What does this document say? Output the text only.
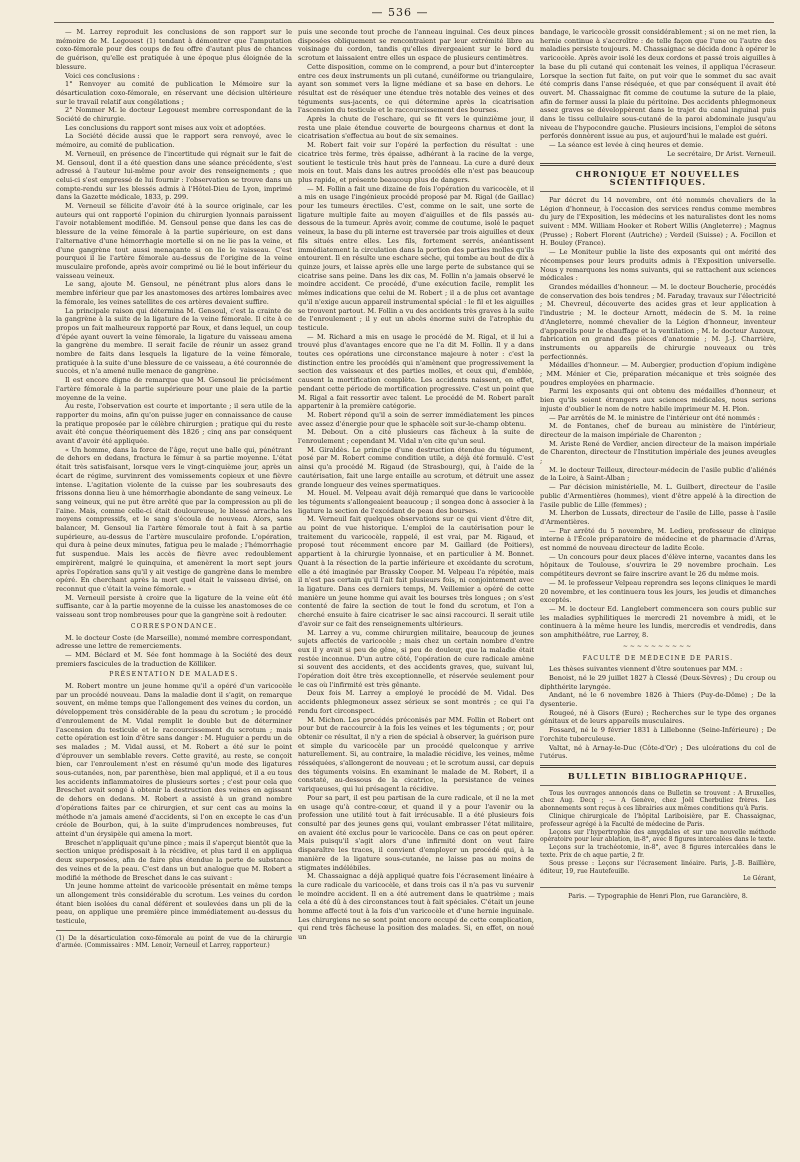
— 536 —

— M. Larrey reproduit les conclusions de son rapport sur le mémoire de M. Legouest (1) tendant à démontrer que l'amputation coxo-fémorale pour des coups de feu offre d'autant plus de chances de guérison, qu'elle est pratiquée à une époque plus éloignée de la blessure.

Voici ces conclusions :

1° Renvoyer au comité de publication le Mémoire sur la désarticulation coxo-fémorale, en réservant une décision ultérieure sur le travail relatif aux congélations ;

2° Nommer M. le docteur Legouest membre correspondant de la Société de chirurgie.

Les conclusions du rapport sont mises aux voix et adoptées.

La Société décide aussi que le rapport sera renvoyé, avec le mémoire, au comité de publication.

M. Verneuil, en présence de l'incertitude qui régnait sur le fait de M. Gensoul, dont il a été question dans une séance précédente, s'est adressé à l'auteur lui-même pour avoir des renseignements ; que celui-ci s'est empressé de lui fournir : l'observation se trouve dans un compte-rendu sur les blessés admis à l'Hôtel-Dieu de Lyon, imprimé dans la Gazette médicale, 1833, p. 299.

M. Verneuil se félicite d'avoir été à la source originale, car les auteurs qui ont rapporté l'opinion du chirurgien lyonnais paraissent l'avoir notablement modifiée. M. Gensoul pense que dans les cas de blessure de la veine fémorale à la partie supérieure, on est dans l'alternative d'une hémorrhagie mortelle si on ne lie pas la veine, et d'une gangrène tout aussi menaçante si on lie le vaisseau. C'est pourquoi il lie l'artère fémorale au-dessus de l'origine de la veine musculaire profonde, après avoir comprimé ou lié le bout inférieur du vaisseau veineux.

Le sang, ajoute M. Gensoul, ne pénétrant plus alors dans le membre inférieur que par les anastomoses des artères lombaires avec la fémorale, les veines satellites de ces artères devaient suffire.

La principale raison qui détermina M. Gensoul, c'est la crainte de la gangrène à la suite de la ligature de la veine fémorale. Il cite à ce propos un fait malheureux rapporté par Roux, et dans lequel, un coup d'épée ayant ouvert la veine fémorale, la ligature du vaisseau amena la gangrène du membre. Il serait facile de réunir un assez grand nombre de faits dans lesquels la ligature de la veine fémorale, pratiquée à la suite d'une blessure de ce vaisseau, a été couronnée de succès, et n'a amené nulle menace de gangrène.

Il est encore digne de remarque que M. Gensoul lie précisément l'artère fémorale à la partie supérieure pour une plaie de la partie moyenne de la veine.

Au reste, l'observation est courte et importante ; il sera utile de la rapporter du moins, afin qu'on puisse juger en connaissance de cause la pratique proposée par le célèbre chirurgien ; pratique qui du reste avait été conçue théoriquement dès 1826 ; cinq ans par conséquent avant d'avoir été appliquée.

« Un homme, dans la force de l'âge, reçut une balle qui, pénétrant de dehors en dedans, fractura le fémur à sa partie moyenne. L'état était très satisfaisant, lorsque vers le vingt-cinquième jour, après un écart de régime, survinrent des vomissements copieux et une fièvre intense. L'agitation violente de la cuisse par les soubresauts des frissons donna lieu à une hémorrhagie abondante de sang veineux. Le sang veineux, qui ne put être arrêté que par la compression au pli de l'aine. Mais, comme celle-ci était douloureuse, le blessé arracha les moyens compressifs, et le sang s'écoula de nouveau. Alors, sans balancer, M. Gensoul lia l'artère fémorale tout à fait à sa partie supérieure, au-dessus de l'artère musculaire profonde. L'opération, qui dura à peine deux minutes, fatigua peu le malade ; l'hémorrhagie fut suspendue. Mais les accès de fièvre avec redoublement empirèrent, malgré le quinquina, et amenèrent la mort sept jours après l'opération sans qu'il y ait vestige de gangrène dans le membre opéré. En cherchant après la mort quel était le vaisseau divisé, on reconnut que c'était la veine fémorale. »

M. Verneuil persiste à croire que la ligature de la veine eût été suffisante, car à la partie moyenne de la cuisse les anastomoses de ce vaisseau sont trop nombreuses pour que la gangrène soit à redouter.

CORRESPONDANCE.

M. le docteur Coste (de Marseille), nommé membre correspondant, adresse une lettre de remerciements.

— MM. Béclard et M. Sée font hommage à la Société des deux premiers fascicules de la traduction de Kölliker.

PRÉSENTATION DE MALADES.

M. Robert montre un jeune homme qu'il a opéré d'un varicocèle par un procédé nouveau. Dans la maladie dont il s'agit, on remarque souvent, en même temps que l'allongement des veines du cordon, un développement très considérable de la peau du scrotum ; le procédé d'enroulement de M. Vidal remplit le double but de déterminer l'ascension du testicule et le raccourcissement du scrotum ; mais cette opération est loin d'être sans danger : M. Huguier a perdu un de ses malades ; M. Vidal aussi, et M. Robert a été sur le point d'éprouver un semblable revers. Cette gravité, au reste, se conçoit bien, car l'enroulement n'est en résumé qu'un mode des ligatures sous-cutanées, non, par parenthèse, bien mal appliqué, et il a eu tous les accidents inflammatoires de plusieurs sortes ; c'est pour cela que Breschet avait songé à obtenir la destruction des veines en agissant de dehors en dedans. M. Robert a assisté à un grand nombre d'opérations faites par ce chirurgien, et sur cent cas au moins la méthode n'a jamais amené d'accidents, si l'on en excepte le cas d'un créole de Bourbon, qui, à la suite d'imprudences nombreuses, fut atteint d'un érysipèle qui amena la mort.

Breschet n'appliquait qu'une pince ; mais il s'aperçut bientôt que la section unique prédisposait à la récidive, et plus tard il en appliqua deux superposées, afin de faire plus étendue la perte de substance des veines et de la peau. C'est dans un but analogue que M. Robert a modifié la méthode de Breschet dans le cas suivant :

Un jeune homme atteint de varicocèle présentait en même temps un allongement très considérable du scrotum. Les veines du cordon étant bien isolées du canal déférent et soulevées dans un pli de la peau, on applique une première pince immédiatement au-dessus du testicule,

(1) De la désarticulation coxo-fémorale au point de vue de la chirurgie d'armée. (Commissaires : MM. Lenoir, Verneuil et Larrey, rapporteur.)

puis une seconde tout proche de l'anneau inguinal. Ces deux pinces disposées obliquement se rencontraient par leur extrémité libre au voisinage du cordon, tandis qu'elles divergeaient sur le bord du scrotum et laissaient entre elles un espace de plusieurs centimètres.

Cette disposition, comme on le comprend, a pour but d'intercepter entre ces deux instruments un pli cutané, cunéiforme ou triangulaire, ayant son sommet vers la ligne médiane et sa base en dehors. Le résultat est de réséquer une étendue très notable des veines et des téguments sus-jacents, ce qui détermine après la cicatrisation l'ascension du testicule et le raccourcissement des bourses.

Après la chute de l'eschare, qui se fit vers le quinzième jour, il resta une plaie étendue couverte de bourgeons charnus et dont la cicatrisation s'effectua au bout de six semaines.

M. Robert fait voir sur l'opéré la perfection du résultat : une cicatrice très ferme, très épaisse, adhérant à la racine de la verge, soutient le testicule très haut près de l'anneau. La cure a duré deux mois en tout. Mais dans les autres procédés elle n'est pas beaucoup plus rapide, et présente beaucoup plus de dangers.

— M. Follin a fait une dizaine de fois l'opération du varicocèle, et il a mis en usage l'ingénieux procédé proposé par M. Rigal (de Gaillac) pour les tumeurs érectiles. C'est, comme on le sait, une sorte de ligature multiple faite au moyen d'aiguilles et de fils passés au-dessous de la tumeur. Après avoir, comme de coutume, isolé le paquet veineux, la base du pli interne est traversée par trois aiguilles et deux fils situés entre elles. Les fils, fortement serrés, anéantissent immédiatement la circulation dans la portion des parties molles qu'ils entourent. Il en résulte une eschare sèche, qui tombe au bout de dix à quinze jours, et laisse après elle une large perte de substance qui se cicatrise sans peine. Dans les dix cas, M. Follin n'a jamais observé le moindre accident. Ce procédé, d'une exécution facile, remplit les mêmes indications que celui de M. Robert ; il a de plus cet avantage qu'il n'exige aucun appareil instrumental spécial : le fil et les aiguilles se trouvent partout. M. Follin a vu des accidents très graves à la suite de l'enroulement ; il y eut un abcès énorme suivi de l'atrophie du testicule.

— M. Richard a mis en usage le procédé de M. Rigal, et il lui a trouvé plus d'avantages encore que ne l'a dit M. Follin. Il y a dans toutes ces opérations une circonstance majeure à noter : c'est la distinction entre les procédés qui n'amènent que progressivement la section des vaisseaux et des parties molles, et ceux qui, d'emblée, causent la mortification complète. Les accidents naissent, en effet, pendant cette période de mortification progressive. C'est un point que M. Rigal a fait ressortir avec talent. Le procédé de M. Robert paraît appartenir à la première catégorie.

M. Robert répond qu'il a soin de serrer immédiatement les pinces avec assez d'énergie pour que le sphacèle soit sur-le-champ obtenu.

M. Debout. On a cité plusieurs cas fâcheux à la suite de l'enroulement ; cependant M. Vidal n'en cite qu'un seul.

M. Giraldès. Le principe d'une destruction étendue du tégument, posé par M. Robert comme condition utile, a déjà été formulé. C'est ainsi qu'a procédé M. Rigaud (de Strasbourg), qui, à l'aide de la cautérisation, fait une large entaille au scrotum, et détruit une assez grande longueur des veines spermatiques.

M. Houel. M. Velpeau avait déjà remarqué que dans le varicocèle les téguments s'allongeaient beaucoup ; il songea donc à associer à la ligature la section de l'excédant de peau des bourses.

M. Verneuil fait quelques observations sur ce qui vient d'être dit, au point de vue historique. L'emploi de la cautérisation pour le traitement du varicocèle, rappelé, il est vrai, par M. Rigaud, et proposé tout récemment encore par M. Gaillard (de Poitiers), appartient à la chirurgie lyonnaise, et en particulier à M. Bonnet. Quant à la résection de la partie inférieure et excédante du scrotum, elle a été imaginée par Brassky Cooper. M. Velpeau l'a répétée, mais il n'est pas certain qu'il l'ait fait plusieurs fois, ni conjointement avec la ligature. Dans ces derniers temps, M. Veillemier a opéré de cette manière un jeune homme qui avait les bourses très longues ; on s'est contenté de faire la section de tout le fond du scrotum, et l'on a cherché ensuite à faire cicatriser le sac ainsi raccourci. Il serait utile d'avoir sur ce fait des renseignements ultérieurs.

M. Larrey a vu, comme chirurgien militaire, beaucoup de jeunes sujets affectés de varicocèle ; mais chez un certain nombre d'entre eux il y avait si peu de gêne, si peu de douleur, que la maladie était restée inconnue. D'un autre côté, l'opération de cure radicale amène si souvent des accidents, et des accidents graves, que, suivant lui, l'opération doit être très exceptionnelle, et réservée seulement pour le cas où l'infirmité est très gênante.

Deux fois M. Larrey a employé le procédé de M. Vidal. Des accidents phlegmoneux assez sérieux se sont montrés ; ce qui l'a rendu fort circonspect.

M. Michon. Les procédés préconisés par MM. Follin et Robert ont pour but de raccourcir à la fois les veines et les téguments ; or, pour obtenir ce résultat, il n'y a rien de spécial à observer, la guérison pure et simple du varicocèle par un procédé quelconque y arrive naturellement. Si, au contraire, la maladie récidive, les veines, même résséquées, s'allongeront de nouveau ; et le scrotum aussi, car depuis des téguments voisins. En examinant le malade de M. Robert, il a constaté, au-dessous de la cicatrice, la persistance de veines variqueuses, qui lui présagent la récidive.

Pour sa part, il est peu partisan de la cure radicale, et il ne la met en usage qu'à contre-cœur, et quand il y a pour l'avenir ou la profession une utilité tout à fait irrécusable. Il a été plusieurs fois consulté par des jeunes gens qui, voulant embrasser l'état militaire, en avaient été exclus pour le varicocèle. Dans ce cas on peut opérer. Mais puisqu'il s'agit alors d'une infirmité dont on veut faire disparaître les traces, il convient d'employer un procédé qui, à la manière de la ligature sous-cutanée, ne laisse pas au moins de stigmates indélébiles.

M. Chassaignac a déjà appliqué quatre fois l'écrasement linéaire à la cure radicale du varicocèle, et dans trois cas il n'a pas vu survenir le moindre accident. Il en a été autrement dans le quatrième ; mais cela a été dû à des circonstances tout à fait spéciales. C'était un jeune homme affecté tout à la fois d'un varicocèle et d'une hernie inguinale. Les chirurgiens ne se sont point encore occupé de cette complication, qui rend très fâcheuse la position des malades. Si, en effet, on noué un

bandage, le varicocèle grossit considérablement ; si on ne met rien, la hernie continue à s'accroître : de telle façon que l'une ou l'autre des maladies persiste toujours. M. Chassaignac se décida donc à opérer le varicocèle. Après avoir isolé les deux cordons et passé trois aiguilles à la base du pli cutané qui contenait les veines, il appliqua l'écraseur. Lorsque la section fut faite, on put voir que le sommet du sac avait été compris dans l'anse réséquée, et que par conséquent il avait été ouvert. M. Chassaignac fit comme de coutume la suture de la plaie, afin de fermer aussi la plaie du péritoine. Des accidents phlegmoneux assez graves se développèrent dans le trajet du canal inguinal puis dans le tissu cellulaire sous-cutané de la paroi abdominale jusqu'au niveau de l'hypocondre gauche. Plusieurs incisions, l'emploi de sétons perforés donnèrent issue au pus, et aujourd'hui le malade est guéri.

— La séance est levée à cinq heures et demie.

Le secrétaire, Dr Arist. Verneuil.

CHRONIQUE ET NOUVELLES SCIENTIFIQUES.

Par décret du 14 novembre, ont été nommés chevaliers de la Légion d'honneur, à l'occasion des services rendus comme membres du jury de l'Exposition, les médecins et les naturalistes dont les noms suivent : MM. William Hooker et Robert Willis (Angleterre) ; Magnus (Prusse) ; Robert Florent (Autriche) ; Verdeil (Suisse) ; A. Focillon et H. Bouley (France).

— Le Moniteur publie la liste des exposants qui ont mérité des récompenses pour leurs produits admis à l'Exposition universelle. Nous y remarquons les noms suivants, qui se rattachent aux sciences médicales :

Grandes médailles d'honneur. — M. le docteur Boucherie, procédés de conservation des bois tendres ; M. Faraday, travaux sur l'électricité ; M. Chevreul, découverte des acides gras et leur application à l'industrie ; M. le docteur Arnott, médecin de S. M. la reine d'Angleterre, nommé chevalier de la Légion d'honneur, inventeur d'appareils pour le chauffage et la ventilation ; M. le docteur Auzoux, fabrication en grand des pièces d'anatomie ; M. J.-J. Charrière, instruments ou appareils de chirurgie nouveaux ou très perfectionnés.

Médailles d'honneur. — M. Aubergier, production d'opium indigène ; MM. Ménier et Cie, préparation mécanique et très soignée des poudres employées en pharmacie.

Parmi les exposants qui ont obtenu des médailles d'honneur, et bien qu'ils soient étrangers aux sciences médicales, nous serions injuste d'oublier le nom de notre habile imprimeur M. H. Plon.

— Par arrêtés de M. le ministre de l'intérieur ont été nommés :

M. de Fontanes, chef de bureau au ministère de l'intérieur, directeur de la maison impériale de Charenton ;

M. Ariste René de Verdier, ancien directeur de la maison impériale de Charenton, directeur de l'Institution impériale des jeunes aveugles ;

M. le docteur Teilleux, directeur-médecin de l'asile public d'aliénés de la Loire, à Saint-Alban ;

— Par décision ministérielle, M. L. Guilbert, directeur de l'asile public d'Armentières (hommes), vient d'être appelé à la direction de l'asile public de Lille (femmes) ;

M. Lherbon de Lussats, directeur de l'asile de Lille, passe à l'asile d'Armentières.

— Par arrêté du 5 novembre, M. Ledieu, professeur de clinique interne à l'École préparatoire de médecine et de pharmacie d'Arras, est nommé de nouveau directeur de ladite École.

— Un concours pour deux places d'élève interne, vacantes dans les hôpitaux de Toulouse, s'ouvrira le 29 novembre prochain. Les compétiteurs devront se faire inscrire avant le 26 du même mois.

— M. le professeur Velpeau reprendra ses leçons cliniques le mardi 20 novembre, et les continuera tous les jours, les jeudis et dimanches exceptés.

— M. le docteur Ed. Langlebert commencera son cours public sur les maladies syphilitiques le mercredi 21 novembre à midi, et le continuera à la même heure les lundis, mercredis et vendredis, dans son amphithéâtre, rue Larrey, 8.

~~~~~~~~~~
FACULTÉ DE MÉDECINE DE PARIS.

Les thèses suivantes viennent d'être soutenues par MM. :

Benoist, né le 29 juillet 1827 à Clessé (Deux-Sèvres) ; Du croup ou diphthérite laryngée.

Andant, né le 6 novembre 1826 à Thiers (Puy-de-Dôme) ; De la dysenterie.

Rougeé, né à Gisors (Eure) ; Recherches sur le type des organes génitaux et de leurs appareils musculaires.

Fossard, né le 9 février 1831 à Lillebonne (Seine-Inférieure) ; De l'orchite tuberculeuse.

Valtat, né à Arnay-le-Duc (Côte-d'Or) ; Des ulcérations du col de l'utérus.

BULLETIN BIBLIOGRAPHIQUE.

Tous les ouvrages annoncés dans ce Bulletin se trouvent : A Bruxelles, chez Aug. Decq ; — A Genève, chez Joël Cherbuliez frères. Les abonnements sont reçus à ces librairies aux mêmes conditions qu'à Paris.

Clinique chirurgicale de l'hôpital Lariboisière, par E. Chassaignac, professeur agrégé à la Faculté de médecine de Paris.

Leçons sur l'hypertrophie des amygdales et sur une nouvelle méthode opératoire pour leur ablation, in-8°, avec 8 figures intercalées dans le texte.

Leçons sur la trachéotomie, in-8°, avec 8 figures intercalées dans le texte. Prix de ch aque partie, 2 fr.

Sous presse : Leçons sur l'écrasement linéaire. Paris, J.-B. Baillière, éditeur, 19, rue Hautefeuille.

Le Gérant,

Paris. — Typographie de Henri Plon, rue Garancière, 8.
